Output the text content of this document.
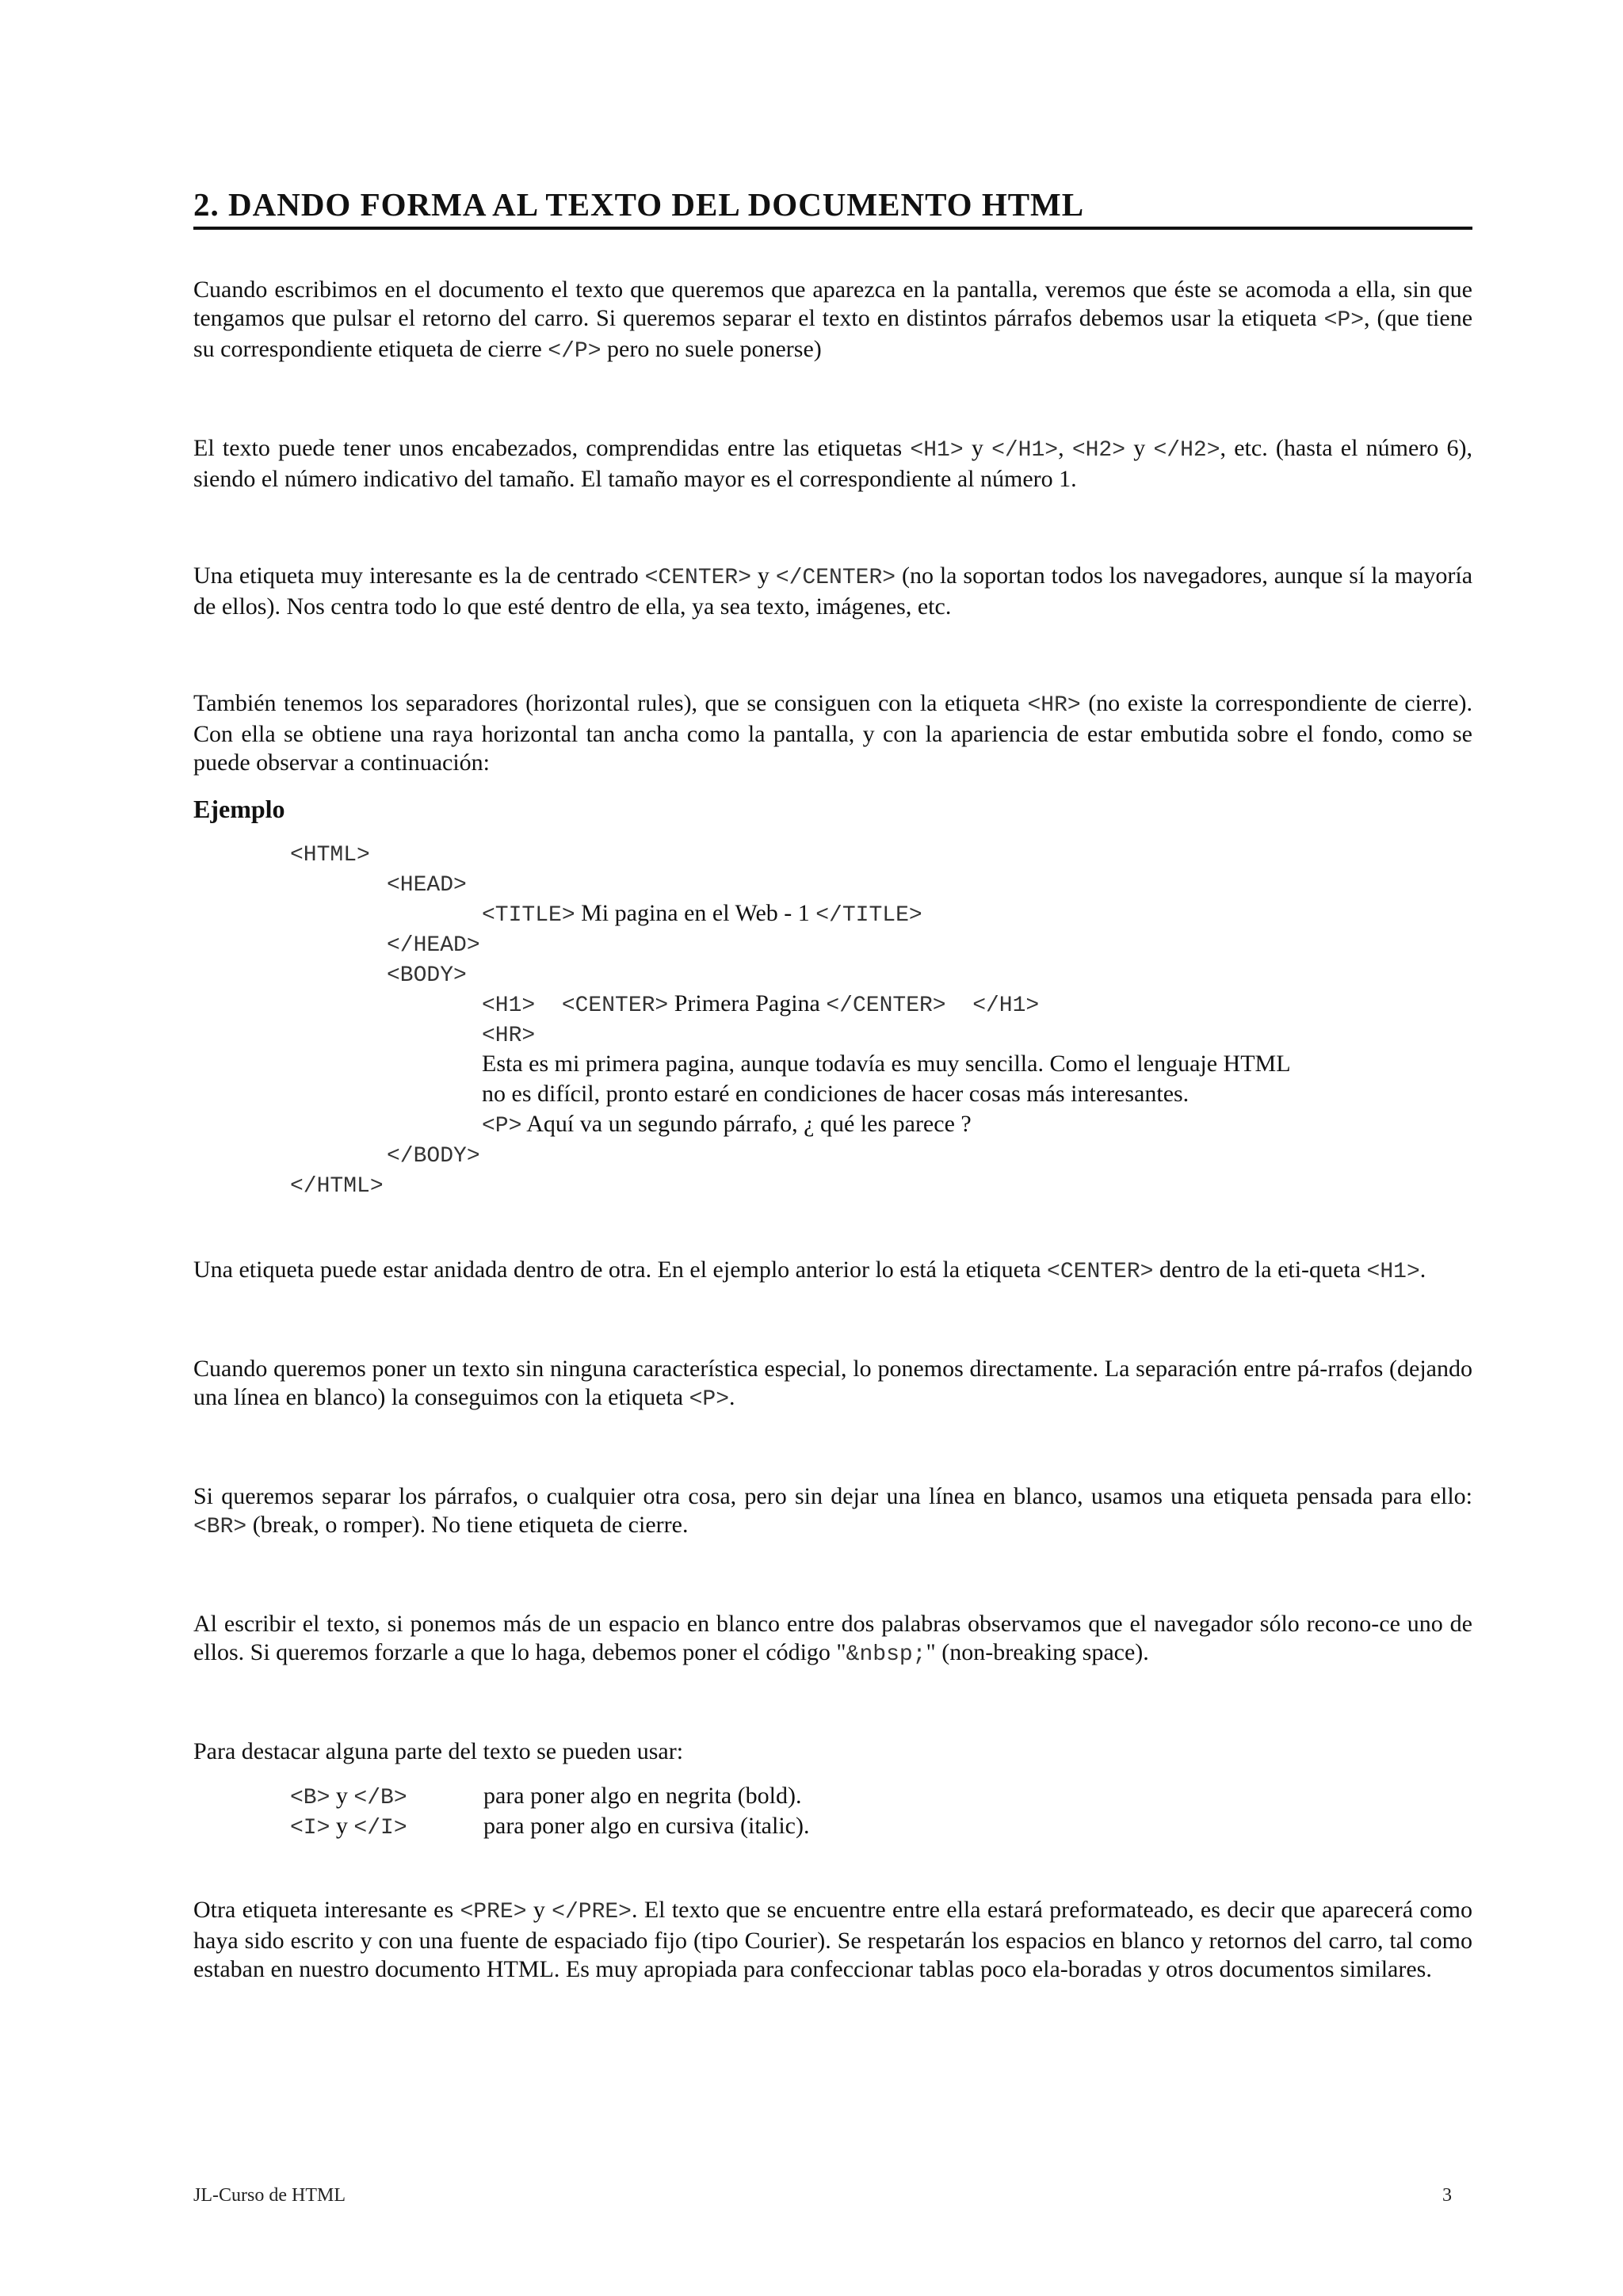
2. DANDO FORMA AL TEXTO DEL DOCUMENTO HTML

Cuando escribimos en el documento el texto que queremos que aparezca en la pantalla, veremos que éste se acomoda a ella, sin que tengamos que pulsar el retorno del carro. Si queremos separar el texto en distintos párrafos debemos usar la etiqueta <P>, (que tiene su correspondiente etiqueta de cierre </P> pero no suele ponerse)

El texto puede tener unos encabezados, comprendidas entre las etiquetas <H1> y </H1>, <H2> y </H2>, etc. (hasta el número 6), siendo el número indicativo del tamaño. El tamaño mayor es el correspondiente al número 1.

Una etiqueta muy interesante es la de centrado <CENTER> y </CENTER> (no la soportan todos los navegadores, aunque sí la mayoría de ellos). Nos centra todo lo que esté dentro de ella, ya sea texto, imágenes, etc.

También tenemos los separadores (horizontal rules), que se consiguen con la etiqueta <HR> (no existe la correspondiente de cierre). Con ella se obtiene una raya horizontal tan ancha como la pantalla, y con la apariencia de estar embutida sobre el fondo, como se puede observar a continuación:

Ejemplo
<HTML>
<HEAD>
<TITLE> Mi pagina en el Web - 1 </TITLE>
</HEAD>
<BODY>
<H1>  <CENTER> Primera Pagina </CENTER>  </H1>
<HR>
Esta es mi primera pagina, aunque todavía es muy sencilla. Como el lenguaje HTML
no es difícil, pronto estaré en condiciones de hacer cosas más interesantes.
<P> Aquí va un segundo párrafo, ¿ qué les parece ?
</BODY>
</HTML>

Una etiqueta puede estar anidada dentro de otra. En el ejemplo anterior lo está la etiqueta <CENTER> dentro de la eti-queta <H1>.

Cuando queremos poner un texto sin ninguna característica especial, lo ponemos directamente. La separación entre pá-rrafos (dejando una línea en blanco) la conseguimos con la etiqueta <P>.

Si queremos separar los párrafos, o cualquier otra cosa, pero sin dejar una línea en blanco, usamos una etiqueta pensada para ello: <BR> (break, o romper). No tiene etiqueta de cierre.

Al escribir el texto, si ponemos más de un espacio en blanco entre dos palabras observamos que el navegador sólo recono-ce uno de ellos. Si queremos forzarle a que lo haga, debemos poner el código "&nbsp;" (non-breaking space).

Para destacar alguna parte del texto se pueden usar:

<B> y </B>	para poner algo en negrita (bold).
<I> y </I>	para poner algo en cursiva (italic).

Otra etiqueta interesante es <PRE> y </PRE>. El texto que se encuentre entre ella estará preformateado, es decir que aparecerá como haya sido escrito y con una fuente de espaciado fijo (tipo Courier). Se respetarán los espacios en blanco y retornos del carro, tal como estaban en nuestro documento HTML. Es muy apropiada para confeccionar tablas poco ela-boradas y otros documentos similares.

JL-Curso de HTML	3
